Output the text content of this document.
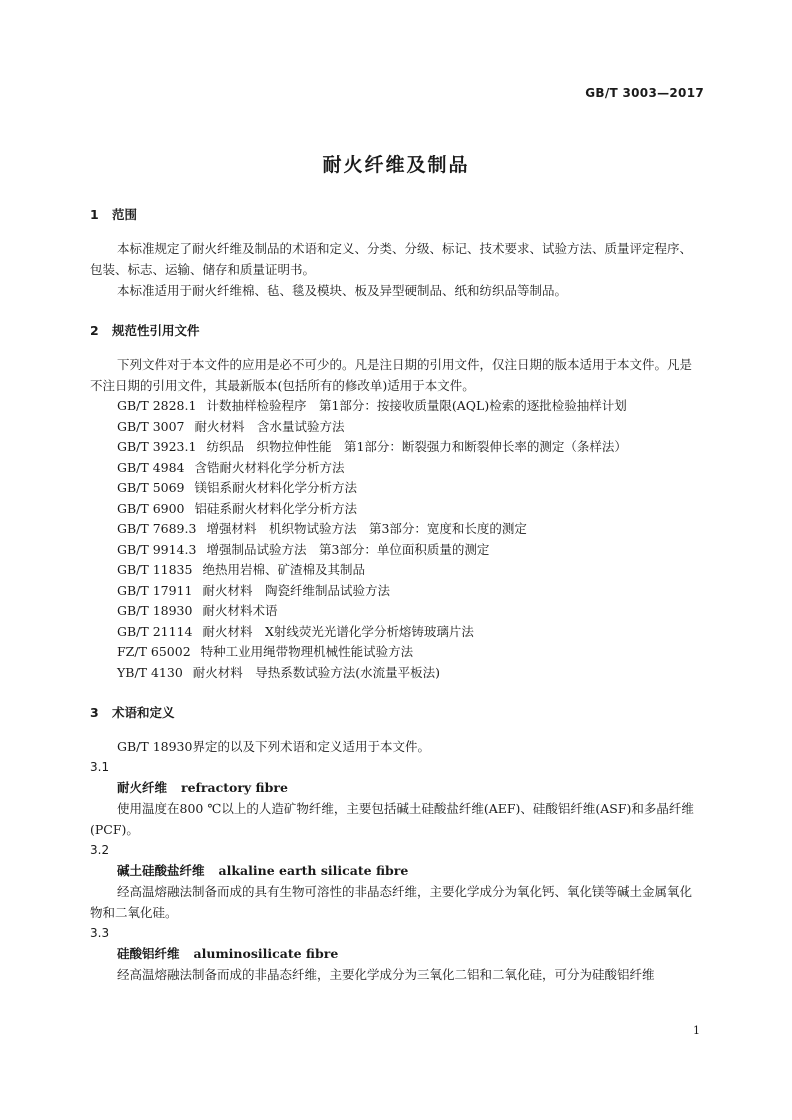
GB/T 3003—2017
耐火纤维及制品
1 范围

本标准规定了耐火纤维及制品的术语和定义、分类、分级、标记、技术要求、试验方法、质量评定程序、包装、标志、运输、储存和质量证明书。

本标准适用于耐火纤维棉、毡、毯及模块、板及异型硬制品、纸和纺织品等制品。

2 规范性引用文件

下列文件对于本文件的应用是必不可少的。凡是注日期的引用文件，仅注日期的版本适用于本文件。凡是不注日期的引用文件，其最新版本(包括所有的修改单)适用于本文件。

GB/T 2828.1 计数抽样检验程序　第1部分：按接收质量限(AQL)检索的逐批检验抽样计划
GB/T 3007 耐火材料　含水量试验方法
GB/T 3923.1 纺织品　织物拉伸性能　第1部分：断裂强力和断裂伸长率的测定（条样法）
GB/T 4984 含锆耐火材料化学分析方法
GB/T 5069 镁铝系耐火材料化学分析方法
GB/T 6900 铝硅系耐火材料化学分析方法
GB/T 7689.3 增强材料　机织物试验方法　第3部分：宽度和长度的测定
GB/T 9914.3 增强制品试验方法　第3部分：单位面积质量的测定
GB/T 11835 绝热用岩棉、矿渣棉及其制品
GB/T 17911 耐火材料　陶瓷纤维制品试验方法
GB/T 18930 耐火材料术语
GB/T 21114 耐火材料　X射线荧光光谱化学分析熔铸玻璃片法
FZ/T 65002 特种工业用绳带物理机械性能试验方法
YB/T 4130 耐火材料　导热系数试验方法(水流量平板法)
3 术语和定义

GB/T 18930界定的以及下列术语和定义适用于本文件。

3.1
耐火纤维 refractory fibre

使用温度在800 ℃以上的人造矿物纤维，主要包括碱土硅酸盐纤维(AEF)、硅酸铝纤维(ASF)和多晶纤维(PCF)。

3.2
碱土硅酸盐纤维 alkaline earth silicate fibre

经高温熔融法制备而成的具有生物可溶性的非晶态纤维，主要化学成分为氧化钙、氧化镁等碱土金属氧化物和二氧化硅。

3.3
硅酸铝纤维 aluminosilicate fibre

经高温熔融法制备而成的非晶态纤维，主要化学成分为三氧化二铝和二氧化硅，可分为硅酸铝纤维

1
